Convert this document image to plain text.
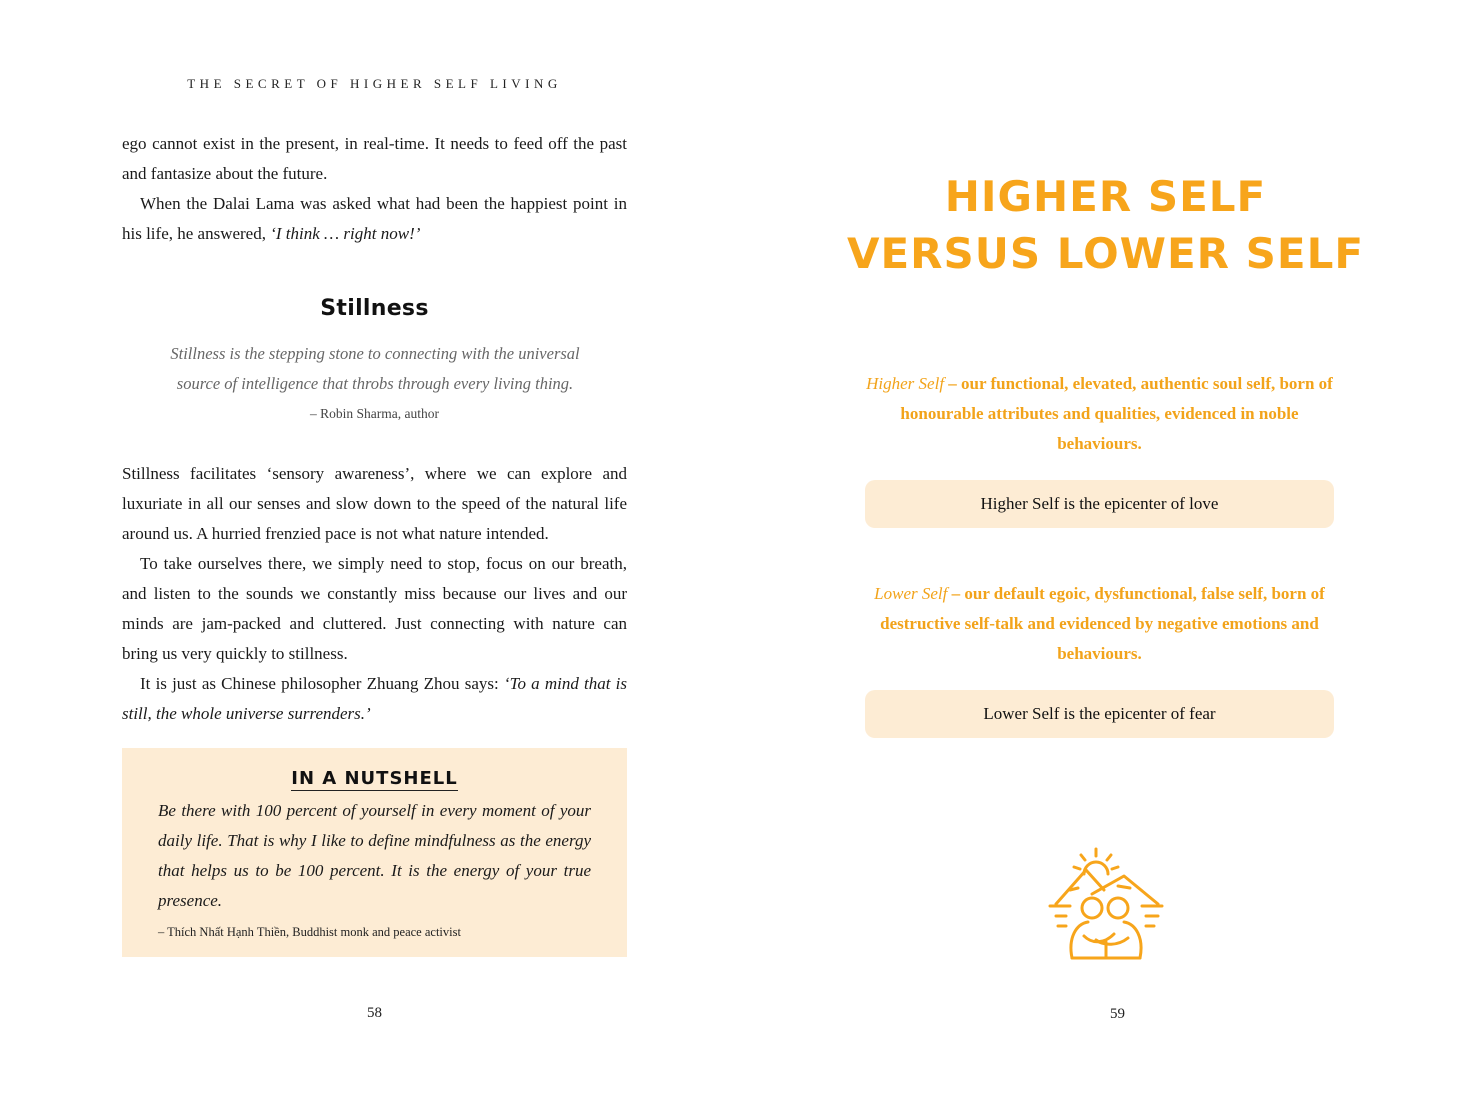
THE SECRET OF HIGHER SELF LIVING

ego cannot exist in the present, in real-time. It needs to feed off the past and fantasize about the future.

When the Dalai Lama was asked what had been the happiest point in his life, he answered, ‘I think … right now!’

Stillness
Stillness is the stepping stone to connecting with the universal
source of intelligence that throbs through every living thing.
– Robin Sharma, author

Stillness facilitates ‘sensory awareness’, where we can explore and luxuriate in all our senses and slow down to the speed of the natural life around us. A hurried frenzied pace is not what nature intended.

To take ourselves there, we simply need to stop, focus on our breath, and listen to the sounds we constantly miss because our lives and our minds are jam-packed and cluttered. Just connecting with nature can bring us very quickly to stillness.

It is just as Chinese philosopher Zhuang Zhou says: ‘To a mind that is still, the whole universe surrenders.’

IN A NUTSHELL

Be there with 100 percent of yourself in every moment of your daily life. That is why I like to define mindfulness as the energy that helps us to be 100 percent. It is the energy of your true presence.

– Thích Nhất Hạnh Thiền, Buddhist monk and peace activist
58
HIGHER SELF
VERSUS LOWER SELF

Higher Self – our functional, elevated, authentic soul self, born of honourable attributes and qualities, evidenced in noble behaviours.

Higher Self is the epicenter of love

Lower Self – our default egoic, dysfunctional, false self, born of destructive self-talk and evidenced by negative emotions and behaviours.

Lower Self is the epicenter of fear
59
